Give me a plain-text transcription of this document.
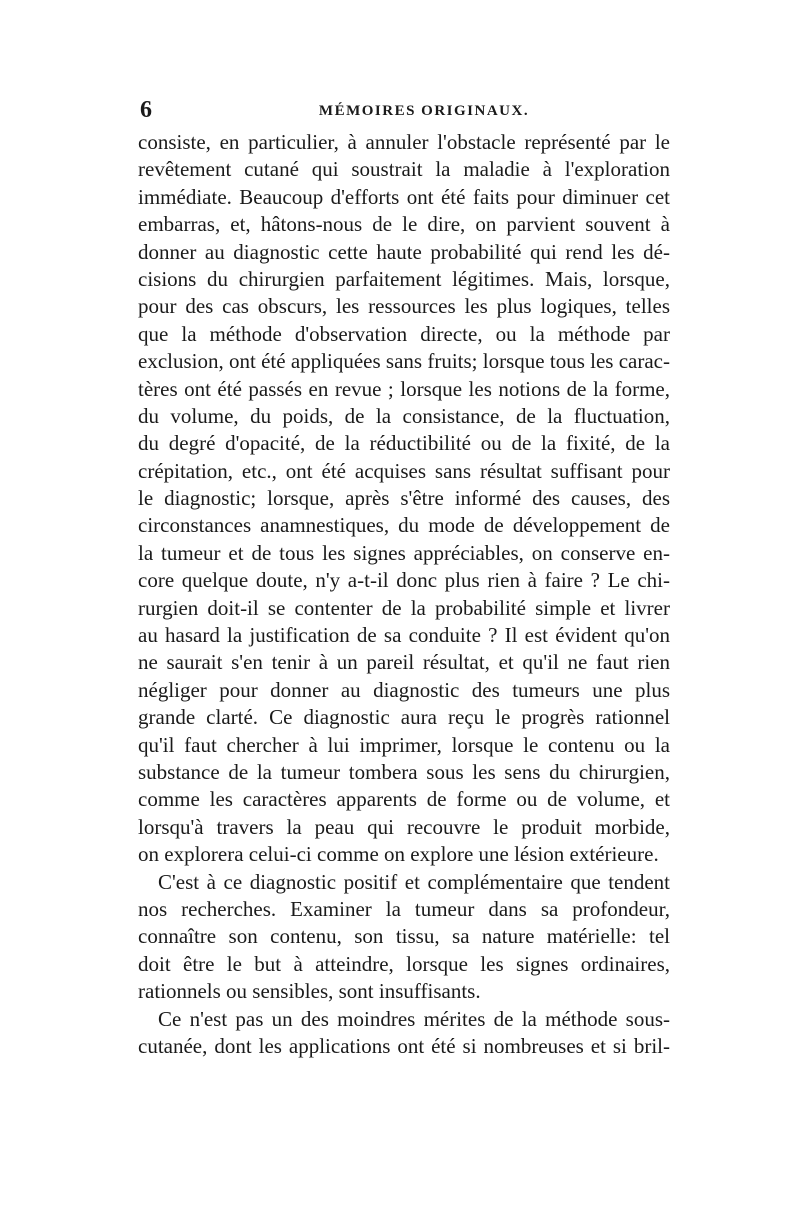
6	MÉMOIRES ORIGINAUX.
consiste, en particulier, à annuler l'obstacle représenté par le
revêtement cutané qui soustrait la maladie à l'exploration
immédiate. Beaucoup d'efforts ont été faits pour diminuer cet
embarras, et, hâtons-nous de le dire, on parvient souvent à
donner au diagnostic cette haute probabilité qui rend les dé-
cisions du chirurgien parfaitement légitimes. Mais, lorsque,
pour des cas obscurs, les ressources les plus logiques, telles
que la méthode d'observation directe, ou la méthode par
exclusion, ont été appliquées sans fruits; lorsque tous les carac-
tères ont été passés en revue ; lorsque les notions de la forme,
du volume, du poids, de la consistance, de la fluctuation,
du degré d'opacité, de la réductibilité ou de la fixité, de la
crépitation, etc., ont été acquises sans résultat suffisant pour
le diagnostic; lorsque, après s'être informé des causes, des
circonstances anamnestiques, du mode de développement de
la tumeur et de tous les signes appréciables, on conserve en-
core quelque doute, n'y a-t-il donc plus rien à faire ? Le chi-
rurgien doit-il se contenter de la probabilité simple et livrer
au hasard la justification de sa conduite ? Il est évident qu'on
ne saurait s'en tenir à un pareil résultat, et qu'il ne faut rien
négliger pour donner au diagnostic des tumeurs une plus
grande clarté. Ce diagnostic aura reçu le progrès rationnel
qu'il faut chercher à lui imprimer, lorsque le contenu ou la
substance de la tumeur tombera sous les sens du chirurgien,
comme les caractères apparents de forme ou de volume, et
lorsqu'à travers la peau qui recouvre le produit morbide,
on explorera celui-ci comme on explore une lésion extérieure.
C'est à ce diagnostic positif et complémentaire que tendent
nos recherches. Examiner la tumeur dans sa profondeur,
connaître son contenu, son tissu, sa nature matérielle: tel
doit être le but à atteindre, lorsque les signes ordinaires,
rationnels ou sensibles, sont insuffisants.
Ce n'est pas un des moindres mérites de la méthode sous-
cutanée, dont les applications ont été si nombreuses et si bril-
